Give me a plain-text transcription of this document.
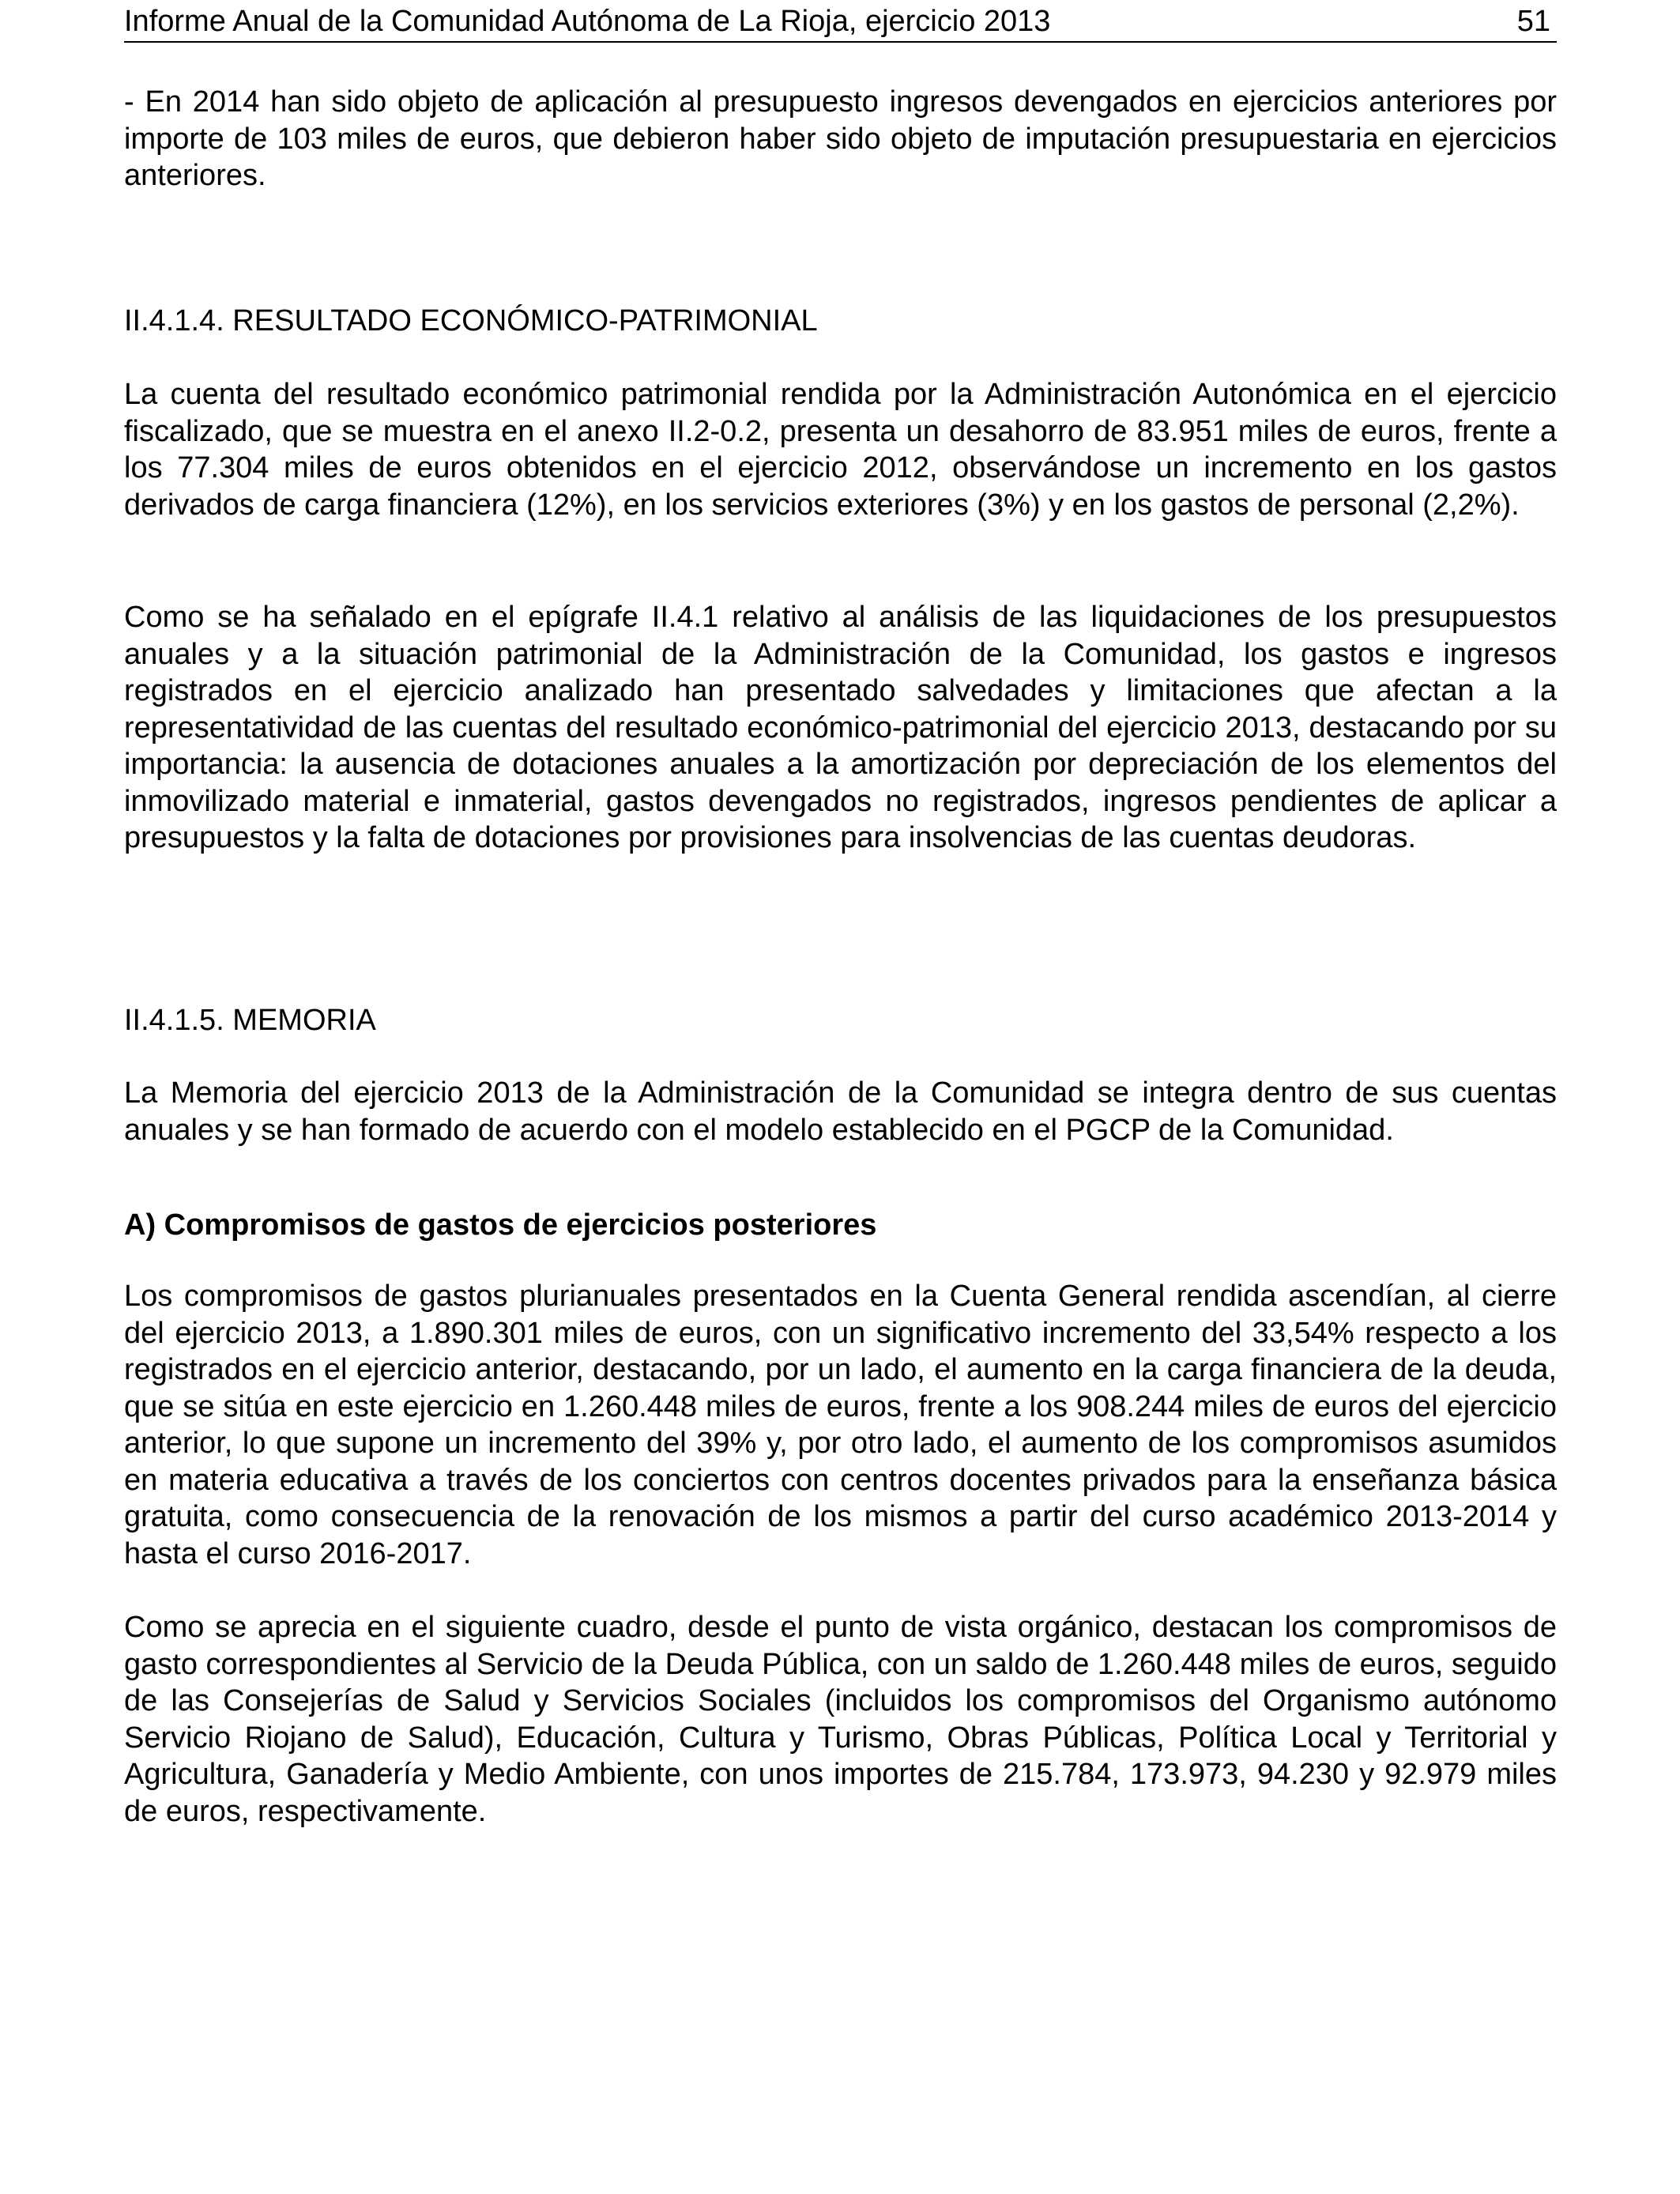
Informe Anual de la Comunidad Autónoma de La Rioja, ejercicio 2013	51

- En 2014 han sido objeto de aplicación al presupuesto ingresos devengados en ejercicios anteriores por importe de 103 miles de euros, que debieron haber sido objeto de imputación presupuestaria en ejercicios anteriores.

II.4.1.4. RESULTADO ECONÓMICO-PATRIMONIAL

La cuenta del resultado económico patrimonial rendida por la Administración Autonómica en el ejercicio fiscalizado, que se muestra en el anexo II.2-0.2, presenta un desahorro de 83.951 miles de euros, frente a los 77.304 miles de euros obtenidos en el ejercicio 2012, observándose un incremento en los gastos derivados de carga financiera (12%), en los servicios exteriores (3%) y en los gastos de personal (2,2%).

Como se ha señalado en el epígrafe II.4.1 relativo al análisis de las liquidaciones de los presupuestos anuales y a la situación patrimonial de la Administración de la Comunidad, los gastos e ingresos registrados en el ejercicio analizado han presentado salvedades y limitaciones que afectan a la representatividad de las cuentas del resultado económico-patrimonial del ejercicio 2013, destacando por su importancia: la ausencia de dotaciones anuales a la amortización por depreciación de los elementos del inmovilizado material e inmaterial, gastos devengados no registrados, ingresos pendientes de aplicar a presupuestos y la falta de dotaciones por provisiones para insolvencias de las cuentas deudoras.

II.4.1.5. MEMORIA

La Memoria del ejercicio 2013 de la Administración de la Comunidad se integra dentro de sus cuentas anuales y se han formado de acuerdo con el modelo establecido en el PGCP de la Comunidad.

A) Compromisos de gastos de ejercicios posteriores

Los compromisos de gastos plurianuales presentados en la Cuenta General rendida ascendían, al cierre del ejercicio 2013, a 1.890.301 miles de euros, con un significativo incremento del 33,54% respecto a los registrados en el ejercicio anterior, destacando, por un lado, el aumento en la carga financiera de la deuda, que se sitúa en este ejercicio en 1.260.448 miles de euros, frente a los 908.244 miles de euros del ejercicio anterior, lo que supone un incremento del 39% y, por otro lado, el aumento de los compromisos asumidos en materia educativa a través de los conciertos con centros docentes privados para la enseñanza básica gratuita, como consecuencia de la renovación de los mismos a partir del curso académico 2013-2014 y hasta el curso 2016-2017.

Como se aprecia en el siguiente cuadro, desde el punto de vista orgánico, destacan los compromisos de gasto correspondientes al Servicio de la Deuda Pública, con un saldo de 1.260.448 miles de euros, seguido de las Consejerías de Salud y Servicios Sociales (incluidos los compromisos del Organismo autónomo Servicio Riojano de Salud), Educación, Cultura y Turismo, Obras Públicas, Política Local y Territorial y Agricultura, Ganadería y Medio Ambiente, con unos importes de 215.784, 173.973, 94.230 y 92.979 miles de euros, respectivamente.
